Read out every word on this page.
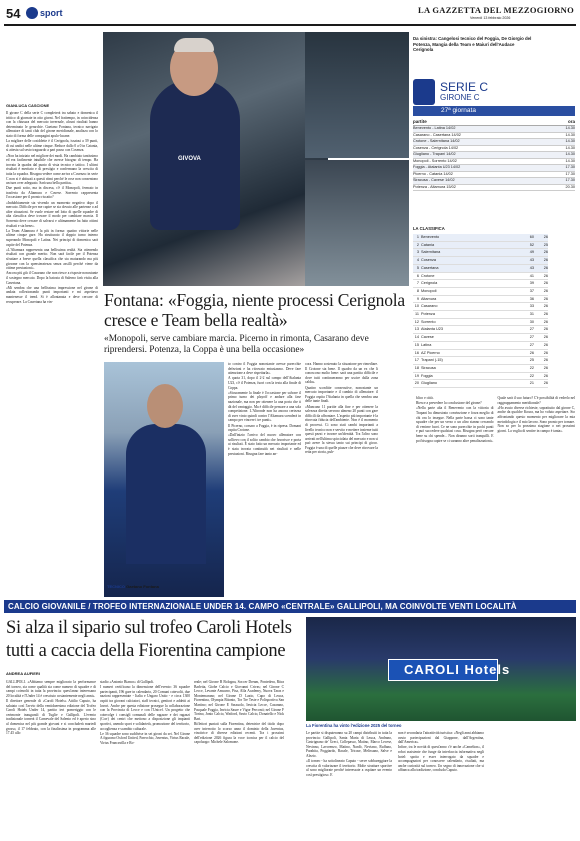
54 sport	LA GAZZETTA DEL MEZZOGIORNO
Venerdì 13 febbraio 2026
GIVOVA
Da sinistra: Cangelosi tecnico del Foggia, De Giorgio del Potenza, Mangia della Team e Maiuri dell'Audace Cerignola
SERIE C
GIRONE C
27ª giornata
partite	ora
Benevento - Latina 14/02	14.30
Casarano - Casertana 14/02	14.30
Crotone - Salernitana 14/02	14.30
Cosenza - Cerignola 14/02	14.30
Giugliano - Trapani 14/02	14.30
Monopoli - Sorrento 14/02	14.30
Foggia - Atalanta U23 14/02	17.30
Picerno - Catania 14/02	17.30
Siracusa - Cavese 14/02	17.30
Potenza - Altamura 15/02	20.30
LA CLASSIFICA
1 Benevento	60	26
2 Catania	52	25
3 Salernitana	49	26
4 Cosenza	43	26
5 Casertana	43	26
6 Crotone	41	26
7 Cerignola	39	26
8 Monopoli	37	26
9 Altamura	36	26
10 Casarano	33	26
11 Potenza	31	26
12 Sorrento	30	26
13 Atalanta U23	27	26
14 Cavese	27	26
15 Latina	27	26
16 AZ Picerno	26	26
17 Trapani (-15)	25	26
18 Siracusa	22	26
19 Foggia	22	26
20 Giugliano	21	26
GIANLUCA CASCIONE

Il girone C della serie C completerà tra sabato e domenica il trittico di giornate in otto giorni. Nel frattempo, in coincidenza con la chiusura del mercato invernale, alcuni risultati hanno determinato le gerarchie. Gaetano Fontana, tecnico navigato allenatore di tanti club del girone meridionale, analizza con lo stato di forma delle compagini apulo-lucane.

La migliore delle cosiddette è il Cerignola, issatasi a 39 punti, di cui undici nelle ultime cinque. Reduce dallo 0 a 0 in Catania, si attesta sul sesto traguardo a pari passo con Cosenza.

«Non ha iniziato nel migliore dei modi. Ha cambiato tantissimo ed era facilmente intuibile che avesse bisogno di tempo. Ha trovato la quadra dal punto di vista tecnico e tattico. I ultimi risultati è meritato e di prestigio e confermano la crescita di tutta la squadra. Bisogna vedere come arriva a Cosenza: in serie C non si è abituati a questi ritmi perché le rose non consentono un turn over adeguato. Sarà una bella partita».

Due punti sotto, ma in discesa, c'è il Monopoli, fermato in trasferta da Altamura e Cavese. Sorrento rappresenta l'occasione per il pronto riscatto?

«Indubbiamente sta vivendo un momento negativo dopo il mercato. Difficile per me capire se sia dovuto alle partenze o ad altre situazioni. Se vuole restare nel lotto di quelle squadre di alta classifica deve trovare il modo per cambiare marcia. Il Sorrento deve cercare di salvarsi e ultimamente ha fatto ottimi risultati e sta bene».

La Team Altamura è la più in forma: quattro vittorie nelle ultime cinque gare. Ha strutturato il doppio turno interno superando Monopoli e Latina. Nei principi di domenica sarà ospite del Potenza.

«L'Altamura rappresenta una bellissima realtà. Sta ottenendo risultati con grande merito. Non sarà facile per il Potenza sfruttare a breve quella classifica che sta maturando ma più giovane con la spensieratezza senza assilli perché viene da ottime prestazioni».

Ancora più giù il Casarano che non riesce a risposte nonostante il sostegno mercato. Dopo la batosta di Salerno farà visita alla Casertana.

«Mi sembra che una bellissima impressione nel girone di andata collezionando punti importanti e mi aspettavo mantenesse il trend. Si è allontanata e deve cercare di recuperare. La Casertana ha vin-	Fontana: «Foggia, niente processi Cerignola cresce e Team bella realtà»
«Monopoli, serve cambiare marcia. Picerno in rimonta, Casarano deve riprendersi. Potenza, la Coppa è una bella occasione»
TECNICO Gaetano Fontana

to contro il Foggia nonostante avesse parecchie defezioni e ha ritrovato entusiasmo. Deve fare attenzione a deve rispettarla».

A quota 31, dopo il 2-2 sul campo dell'Atalanta U23, c'è il Potenza, fuori con la testa alla finale di Coppa.

«Sicuramente la finale è l'occasione per salvare il primo turno dei playoff e andare alla fase nazionale, ma non per ottenere la una porta che ti dà del vantaggio. Ma è difficile pensare a una sola competizione. L'Altronde non ha ancora certezza di aver vinto quindi contro l'Altamura scenderà in campo per vincere i tre punti».

Il Picerno, corsaro a Foggia, è in ripresa. Domani ospita Crotone.

«Dall'inizio l'arrivo del nuovo allenatore con sollievo con il solito cambio che favorisce e porta ai risultati. È stato fatto un mercato importante ed è stata trovata continuità nei risultati e nelle prestazioni. Bisogna fare tanto an-

cora. Hanno sostenuto la situazione per rimediare. Il Crotone sta bene. Il quadro da un ex che li conoscono molto bene: sarà una partita difficile e dove tutti continueranno per uscire dalla zona calda».

Quattro sconfitte consecutive, nonostante un mercato importante e il cambio di allenatore: il Foggia ospita l'Atalanta in quella che sembra una delle tante finali.

«Mancano 11 partite alla fine e per ottenere la salvezza diretta servono almeno 20 punti con gare difficili da affrontare. L'aspetto più importante è la ritrovata fiducia dell'ambiente. Non è il momento di processi. Ci sono stati cambi importanti a livello tecnico non e servito e mettere insieme tutti questi pezzi e trovare un'identità. Tra l'altro sono arrivati nell'ultima spicciolata del mercato e non si può avere la stessa tanto sui principi di gioco. Foggia è una di quelle piazze che deve ritrovare la retta per storia, pub-

blico e città.

Riesce a prevedere la conclusione del girone?

«Nella parte alta il Benevento con la vittoria di Trapani ha dimostrato convinzione e forza meglio di chi ora lo insegue. Nella parte bassa ci sono tante squadre che per un verso o un altro stanno cercando di venirne fuori. Ce ne sono parecchie in pochi punti e può succedere qualsiasi cosa. Bisogna però cercare bene su chi spende... Non diranno sorti tranquilli. E poi bisogna capire se ci saranno altre penalizzazioni».

Quale sarà il suo futuro? C'è possibilità di vederlo nel raggruppamento meridionale?

«Ho avuto diverse richieste, soprattutto dal girone C, anche da qualche Koura, ma ho voluto aspettare. Sto affrontando questo momento per migliorare la mia metodologia e il mio lavoro. Sono pronto per tornare. Non so per la prossima stagione o nei prossimi giorni. La voglia di sentire in campo è tanta».

CALCIO GIOVANILE / TROFEO INTERNAZIONALE UNDER 14. CAMPO «CENTRALE» GALLIPOLI, MA COINVOLTE VENTI LOCALITÀ
Si alza il sipario sul trofeo Caroli Hotels tutti a caccia della Fiorentina campione
ANDREA AUFIERI

GALLIPOLI. «Abbiamo sempre migliorato la performance del torneo, sia come qualità sia come numero di squadre e di campi coinvolti in tutta la provincia: quest'anno interessano 20 località e l'Under 14 è cresciuto costantemente negli anni».

Il direttore generale di «Caroli Hotels» Attilio Caputo, ha salutato così l'avvio della ventidueesima edizione del Trofeo Caroli Hotels Under 14, partito ieri pomeriggio con le cerimonie inaugurali di Tuglie e Gallipoli. L'evento tradizionale tornerà il Carnevale del Salento ed è aperto sino al domenica nel più grande giovani e si concluderà martedì grosso, il 17 febbraio, con la finalissima in programma alle 17.45 allo

stadio «Antonio Bianco» di Gallipoli.

I numeri certificano la dimensione dell'evento: 36 squadre partecipanti, 196 gare in calendario, 20 Comuni coinvolti, due nazioni rappresentate - Italia e Ungaro Unito - e circa 1300 ospiti tra giovani calciatori, staff tecnici, genitori e addetti ai lavori. Anche per questa edizione prosegue la collaborazione con la Provincia di Lecce e con l'Unicef. Un progetto che coinvolge i consigli comunali delle ragazze e dei ragazzi (Ccrr) dei centri che mettono a disposizione gli impianti sportivi, unendo sport e solidarietà, promozione del territorio, accoglienza e scambio culturale.

Le 36 squadre sono suddivise in sei gironi da sei. Nel Girone A figurano Oxford United, Parecchio, Juventus, Virtus Racale, Virtus Francavilla e Ro-

reale; nel Girone B Bologna, Soccer Dream, Pontedera, Ritra Barletta, Giobe Calcio e Giovanni Crivas; nel Girone C Lecce, Levante Amsurro, Pisa, Alfa Academy, Nuova Taras e Montemarano; nel Girone D Lazio, Capo di Leuca, Fiorentina, Olympia Bitonto, Tor Tre Teste e Polisportiva San Martino; nel Girone E Sassuolo, Invicta Lecce, Casarano, Pasquale Foggia, Invicta Saure e Vigor Perconti; nel Girone F Torino, Jonio Calcio, Watford, Savio Calcio, Donatello e Nick Bari.

Riflettori puntati sulla Fiorentina, detentrice del titolo dopo aver interrotto lo scorso anno il dominio della Juventus, vincitrice di diverse edizioni recenti. Tra i prossimi dell'edizione 2026 figura la voce iconica per il calcio del capoluogo: Michele Salomone.

CAROLI Hotels
La Fiorentina ha vinto l'edizione 2025 del torneo

Le partite si disputeranno su 20 campi distribuiti in tutta la provincia: Gallipoli, Santa Maria di Leuca, Andrano, Castrignano de' Greci, Collepasso, Matino, Marco Lecese, Nevinno, Lavorenzo, Matino, Nardò, Neviano, Ruffano, Parabita, Poggiardo, Racale, Tricase, Melissano, Salve e Alezio.

«Il torneo - ha sottolineato Caputo - serve sobbareggiare la crescita di valorizzare il territorio. Molte strutture sportive al sono migliorate perché interessate a ospitare un evento così prestigioso. E

non è secondaria l'attrattività turistica: «Negli anni abbiamo avuto partecipazioni dal Giappone, dall'Argentina, dall'America».

Infine, tra le novità di quest'anno c'è anche «Camelion», il robot assistente che funge da interfaccia informativa negli hotel: spotto e esser interrogato da squadre e accompagnatori per conoscere calendario, risultati, ma anche curiosità sul torneo. Un segno di innovazione che si affianca alla tradizione, concluda Caputo.
